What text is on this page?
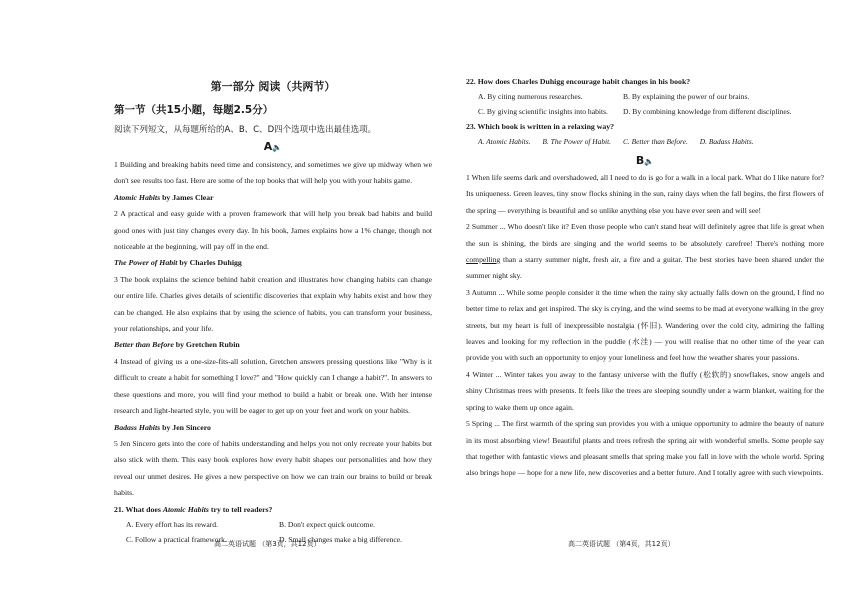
第一部分 阅读（共两节）
第一节（共15小题，每题2.5分）
阅读下列短文，从每题所给的A、B、C、D四个选项中选出最佳选项。
A🔈

1 Building and breaking habits need time and consistency, and sometimes we give up midway when we don't see results too fast. Here are some of the top books that will help you with your habits game.

Atomic Habits by James Clear

2 A practical and easy guide with a proven framework that will help you break bad habits and build good ones with just tiny changes every day. In his book, James explains how a 1% change, though not noticeable at the beginning, will pay off in the end.

The Power of Habit by Charles Duhigg

3 The book explains the science behind habit creation and illustrates how changing habits can change our entire life. Charles gives details of scientific discoveries that explain why habits exist and how they can be changed. He also explains that by using the science of habits, you can transform your business, your relationships, and your life.

Better than Before by Gretchen Rubin

4 Instead of giving us a one-size-fits-all solution, Gretchen answers pressing questions like "Why is it difficult to create a habit for something I love?" and "How quickly can I change a habit?". In answers to these questions and more, you will find your method to build a habit or break one. With her intense research and light-hearted style, you will be eager to get up on your feet and work on your habits.

Badass Habits by Jen Sincero

5 Jen Sincero gets into the core of habits understanding and helps you not only recreate your habits but also stick with them. This easy book explores how every habit shapes our personalities and how they reveal our unmet desires. He gives a new perspective on how we can train our brains to build or break habits.

21. What does Atomic Habits try to tell readers?
A. Every effort has its reward.	B. Don't expect quick outcome.
C. Follow a practical framework.	D. Small changes make a big difference.
高二英语试题 （第3页，共12页）
22. How does Charles Duhigg encourage habit changes in his book?
A. By citing numerous researches.	B. By explaining the power of our brains.
C. By giving scientific insights into habits.	D. By combining knowledge from different disciplines.
23. Which book is written in a relaxing way?
A. Atomic Habits. B. The Power of Habit. C. Better than Before. D. Badass Habits.
B🔈

1 When life seems dark and overshadowed, all I need to do is go for a walk in a local park. What do I like nature for? Its uniqueness. Green leaves, tiny snow flocks shining in the sun, rainy days when the fall begins, the first flowers of the spring — everything is beautiful and so unlike anything else you have ever seen and will see!

2 Summer ... Who doesn't like it? Even those people who can't stand heat will definitely agree that life is great when the sun is shining, the birds are singing and the world seems to be absolutely carefree! There's nothing more compelling than a starry summer night, fresh air, a fire and a guitar. The best stories have been shared under the summer night sky.

3 Autumn ... While some people consider it the time when the rainy sky actually falls down on the ground, I find no better time to relax and get inspired. The sky is crying, and the wind seems to be mad at everyone walking in the grey streets, but my heart is full of inexpressible nostalgia (怀旧). Wandering over the cold city, admiring the falling leaves and looking for my reflection in the puddle (水洼) — you will realise that no other time of the year can provide you with such an opportunity to enjoy your loneliness and feel how the weather shares your passions.

4 Winter ... Winter takes you away to the fantasy universe with the fluffy (松软的) snowflakes, snow angels and shiny Christmas trees with presents. It feels like the trees are sleeping soundly under a warm blanket, waiting for the spring to wake them up once again.

5 Spring ... The first warmth of the spring sun provides you with a unique opportunity to admire the beauty of nature in its most absorbing view! Beautiful plants and trees refresh the spring air with wonderful smells. Some people say that together with fantastic views and pleasant smells that spring make you fall in love with the whole world. Spring also brings hope — hope for a new life, new discoveries and a better future. And I totally agree with such viewpoints.

高二英语试题 （第4页，共12页）
